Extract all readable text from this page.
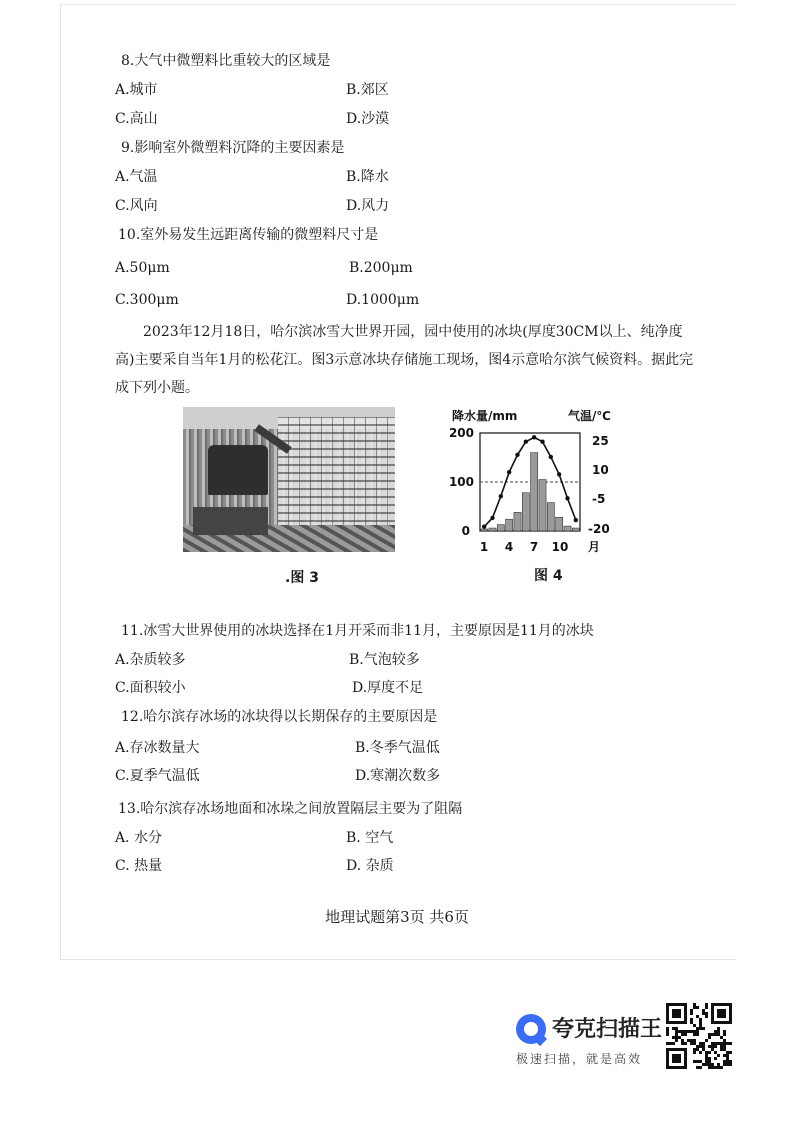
8.大气中微塑料比重较大的区域是
A.城市	B.郊区
C.高山	D.沙漠
9.影响室外微塑料沉降的主要因素是
A.气温	B.降水
C.风向	D.风力
10.室外易发生远距离传输的微塑料尺寸是
A.50μm	B.200μm
C.300μm	D.1000μm
2023年12月18日，哈尔滨冰雪大世界开园，园中使用的冰块(厚度30CM以上、纯净度高)主要采自当年1月的松花江。图3示意冰块存储施工现场，图4示意哈尔滨气候资料。据此完成下列小题。
.图 3
降水量/mm	气温/℃
200
100
0
25
10
-5
-20
1 4 7 10 月
图 4
11.冰雪大世界使用的冰块选择在1月开采而非11月，主要原因是11月的冰块
A.杂质较多	B.气泡较多
C.面积较小	D.厚度不足
12.哈尔滨存冰场的冰块得以长期保存的主要原因是
A.存冰数量大	B.冬季气温低
C.夏季气温低	D.寒潮次数多
13.哈尔滨存冰场地面和冰垛之间放置隔层主要为了阻隔
A. 水分	B. 空气
C. 热量	D. 杂质
地理试题第3页 共6页
夸克扫描王
极速扫描，就是高效
